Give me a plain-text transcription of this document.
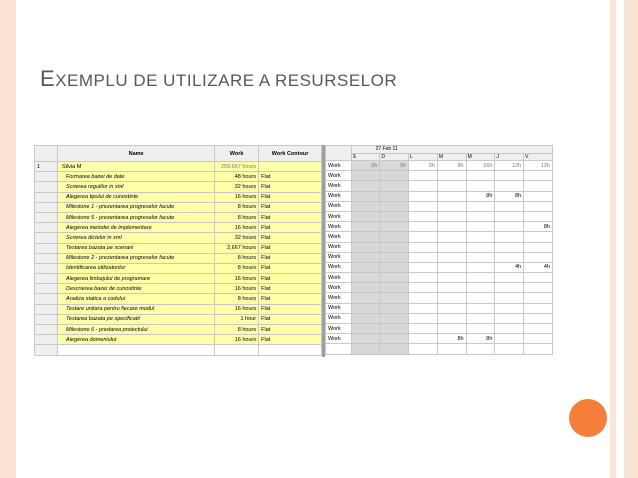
EXEMPLU DE UTILIZARE A RESURSELOR
	Name	Work	Work Contour
1	Silvia M	259,667 hours	
	Formarea bazei de date	48 hours	Flat
	Scrierea regulilor in xml	32 hours	Flat
	Alegerea tipului de cunostinte	16 hours	Flat
	Milestone 1 - prezentarea progreselor facute	8 hours	Flat
	Milestone 5 - prezentarea progreselor facute	8 hours	Flat
	Alegerea metodei de implementare	16 hours	Flat
	Scrierea dictelor in xml	32 hours	Flat
	Testarea bazata pe scenarii	2,667 hours	Flat
	Milestone 2 - prezentarea progreselor facute	8 hours	Flat
	Identificarea utilizatorilor	8 hours	Flat
	Alegerea limbajului de programare	16 hours	Flat
	Descrierea bazei de cunostinte	16 hours	Flat
	Analiza statica a codului	8 hours	Flat
	Testare unitara pentru fiecare modul	16 hours	Flat
	Testarea bazata pe specificatii	1 hour	Flat
	Milestone 6 - predarea proiectului	8 hours	Flat
	Alegerea domeniului	16 hours	Flat

	27 Feb 11						
	S	D	L	M	M	J	V
Work	0h	0h	0h	8h	16h	12h	12h
Work							
Work							
Work					8h	8h	
Work							
Work							
Work							8h
Work							
Work							
Work							
Work						4h	4h
Work							
Work							
Work							
Work							
Work							
Work							
Work				8h	8h		
